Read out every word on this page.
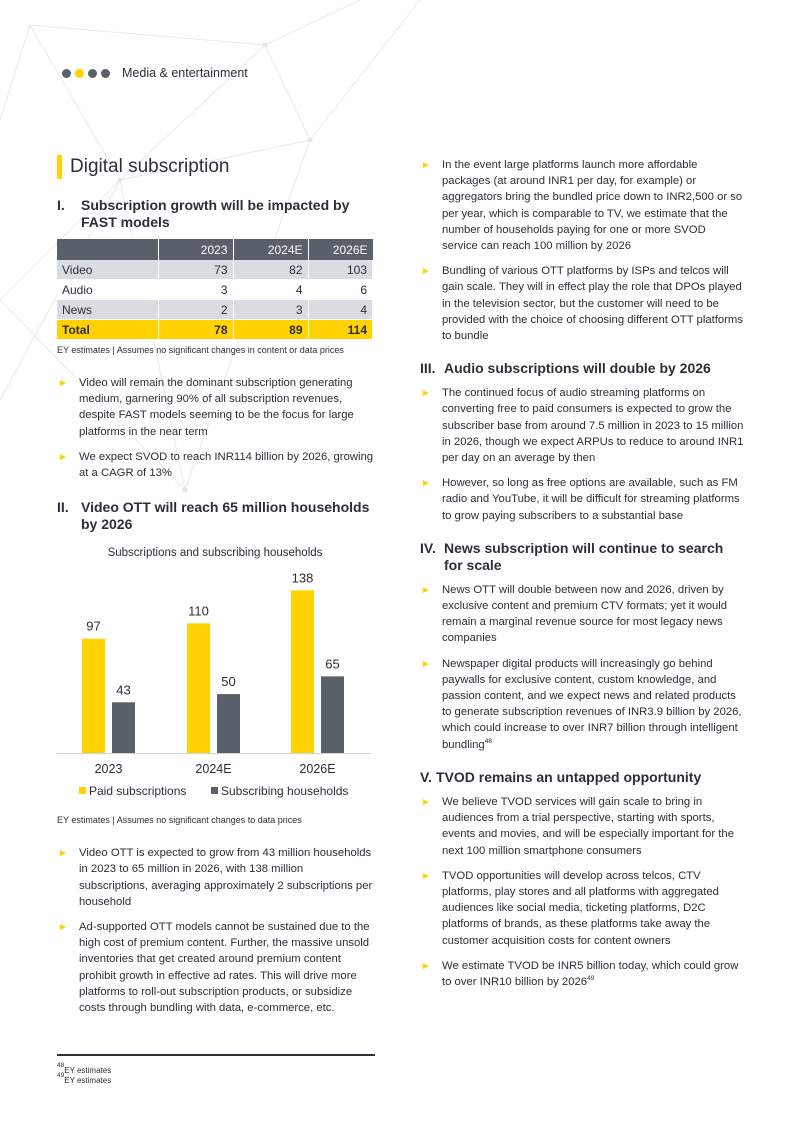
Media & entertainment
Digital subscription
I.	Subscription growth will be impacted by FAST models
	2023	2024E	2026E
Video	73	82	103
Audio	3	4	6
News	2	3	4
Total	78	89	114
EY estimates | Assumes no significant changes in content or data prices
► Video will remain the dominant subscription generating medium, garnering 90% of all subscription revenues, despite FAST models seeming to be the focus for large platforms in the near term
► We expect SVOD to reach INR114 billion by 2026, growing at a CAGR of 13%
II. Video OTT will reach 65 million households by 2026
Subscriptions and subscribing households
97
43
2023
110
50
2024E
138
65
2026E
Paid subscriptions	Subscribing households
EY estimates | Assumes no significant changes to data prices
► Video OTT is expected to grow from 43 million households in 2023 to 65 million in 2026, with 138 million subscriptions, averaging approximately 2 subscriptions per household
► Ad-supported OTT models cannot be sustained due to the high cost of premium content. Further, the massive unsold inventories that get created around premium content prohibit growth in effective ad rates. This will drive more platforms to roll-out subscription products, or subsidize costs through bundling with data, e-commerce, etc.
► In the event large platforms launch more affordable packages (at around INR1 per day, for example) or aggregators bring the bundled price down to INR2,500 or so per year, which is comparable to TV, we estimate that the number of households paying for one or more SVOD service can reach 100 million by 2026
► Bundling of various OTT platforms by ISPs and telcos will gain scale. They will in effect play the role that DPOs played in the television sector, but the customer will need to be provided with the choice of choosing different OTT platforms to bundle
III. Audio subscriptions will double by 2026
► The continued focus of audio streaming platforms on converting free to paid consumers is expected to grow the subscriber base from around 7.5 million in 2023 to 15 million in 2026, though we expect ARPUs to reduce to around INR1 per day on an average by then
► However, so long as free options are available, such as FM radio and YouTube, it will be difficult for streaming platforms to grow paying subscribers to a substantial base
IV. News subscription will continue to search for scale
► News OTT will double between now and 2026, driven by exclusive content and premium CTV formats; yet it would remain a marginal revenue source for most legacy news companies
► Newspaper digital products will increasingly go behind paywalls for exclusive content, custom knowledge, and passion content, and we expect news and related products to generate subscription revenues of INR3.9 billion by 2026, which could increase to over INR7 billion through intelligent bundling$^{48}$
V. TVOD remains an untapped opportunity
► We believe TVOD services will gain scale to bring in audiences from a trial perspective, starting with sports, events and movies, and will be especially important for the next 100 million smartphone consumers
► TVOD opportunities will develop across telcos, CTV platforms, play stores and all platforms with aggregated audiences like social media, ticketing platforms, D2C platforms of brands, as these platforms take away the customer acquisition costs for content owners
► We estimate TVOD be INR5 billion today, which could grow to over INR10 billion by 2026$^{49}$
48
EY estimates
49
EY estimates
